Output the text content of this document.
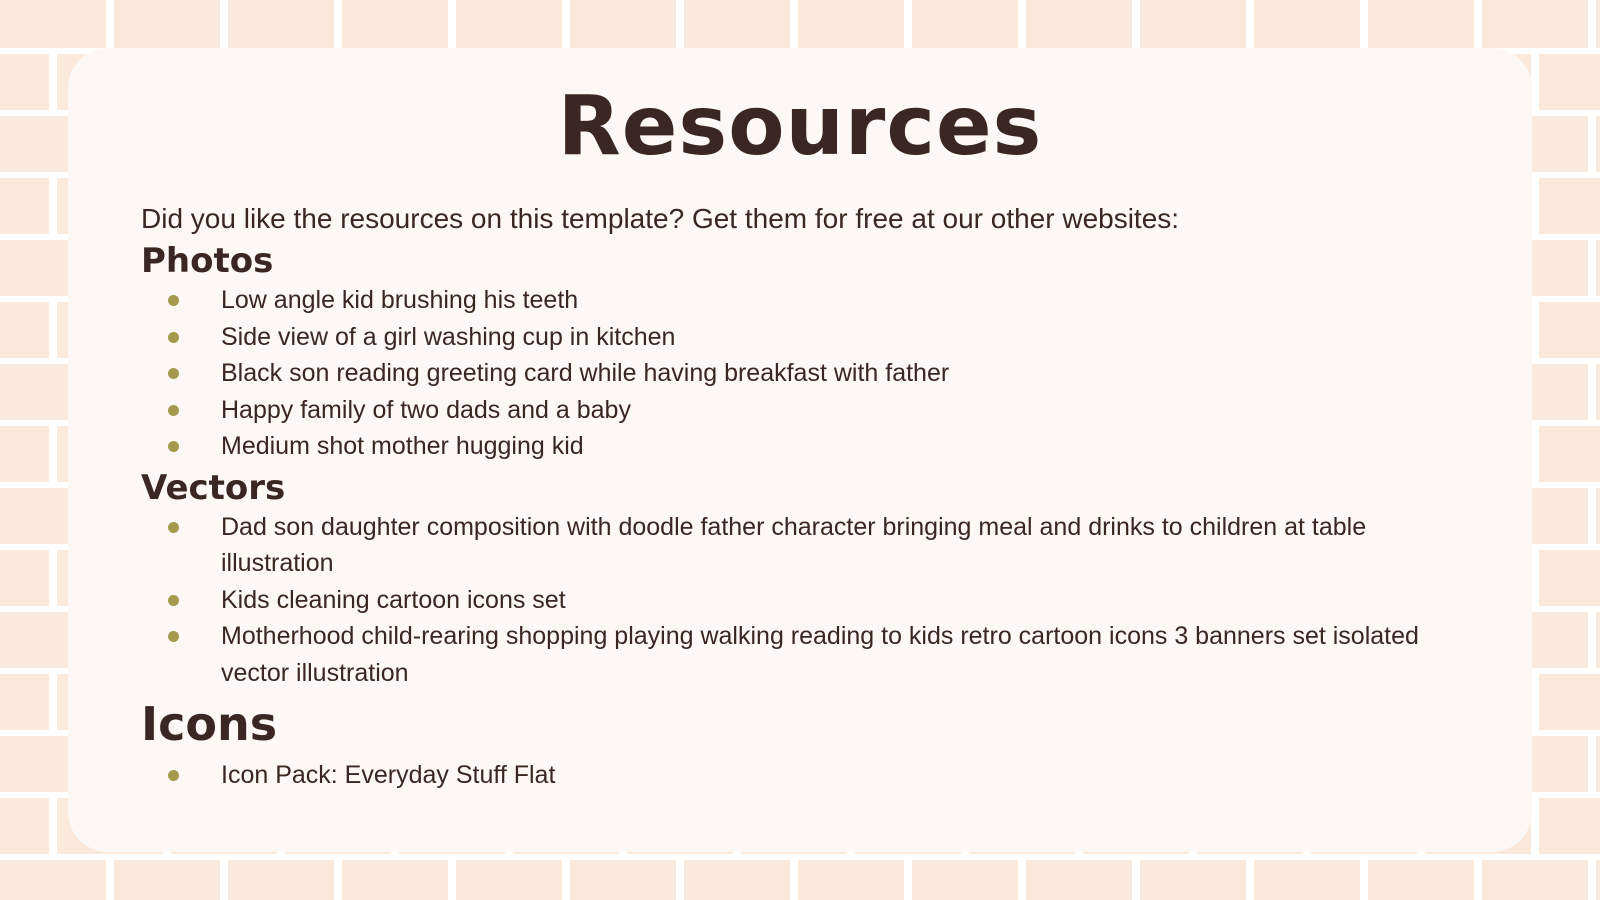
Resources

Did you like the resources on this template? Get them for free at our other websites:

Photos
Low angle kid brushing his teeth
Side view of a girl washing cup in kitchen
Black son reading greeting card while having breakfast with father
Happy family of two dads and a baby
Medium shot mother hugging kid
Vectors
Dad son daughter composition with doodle father character bringing meal and drinks to children at table illustration
Kids cleaning cartoon icons set
Motherhood child-rearing shopping playing walking reading to kids retro cartoon icons 3 banners set isolated vector illustration
Icons
Icon Pack: Everyday Stuff Flat
